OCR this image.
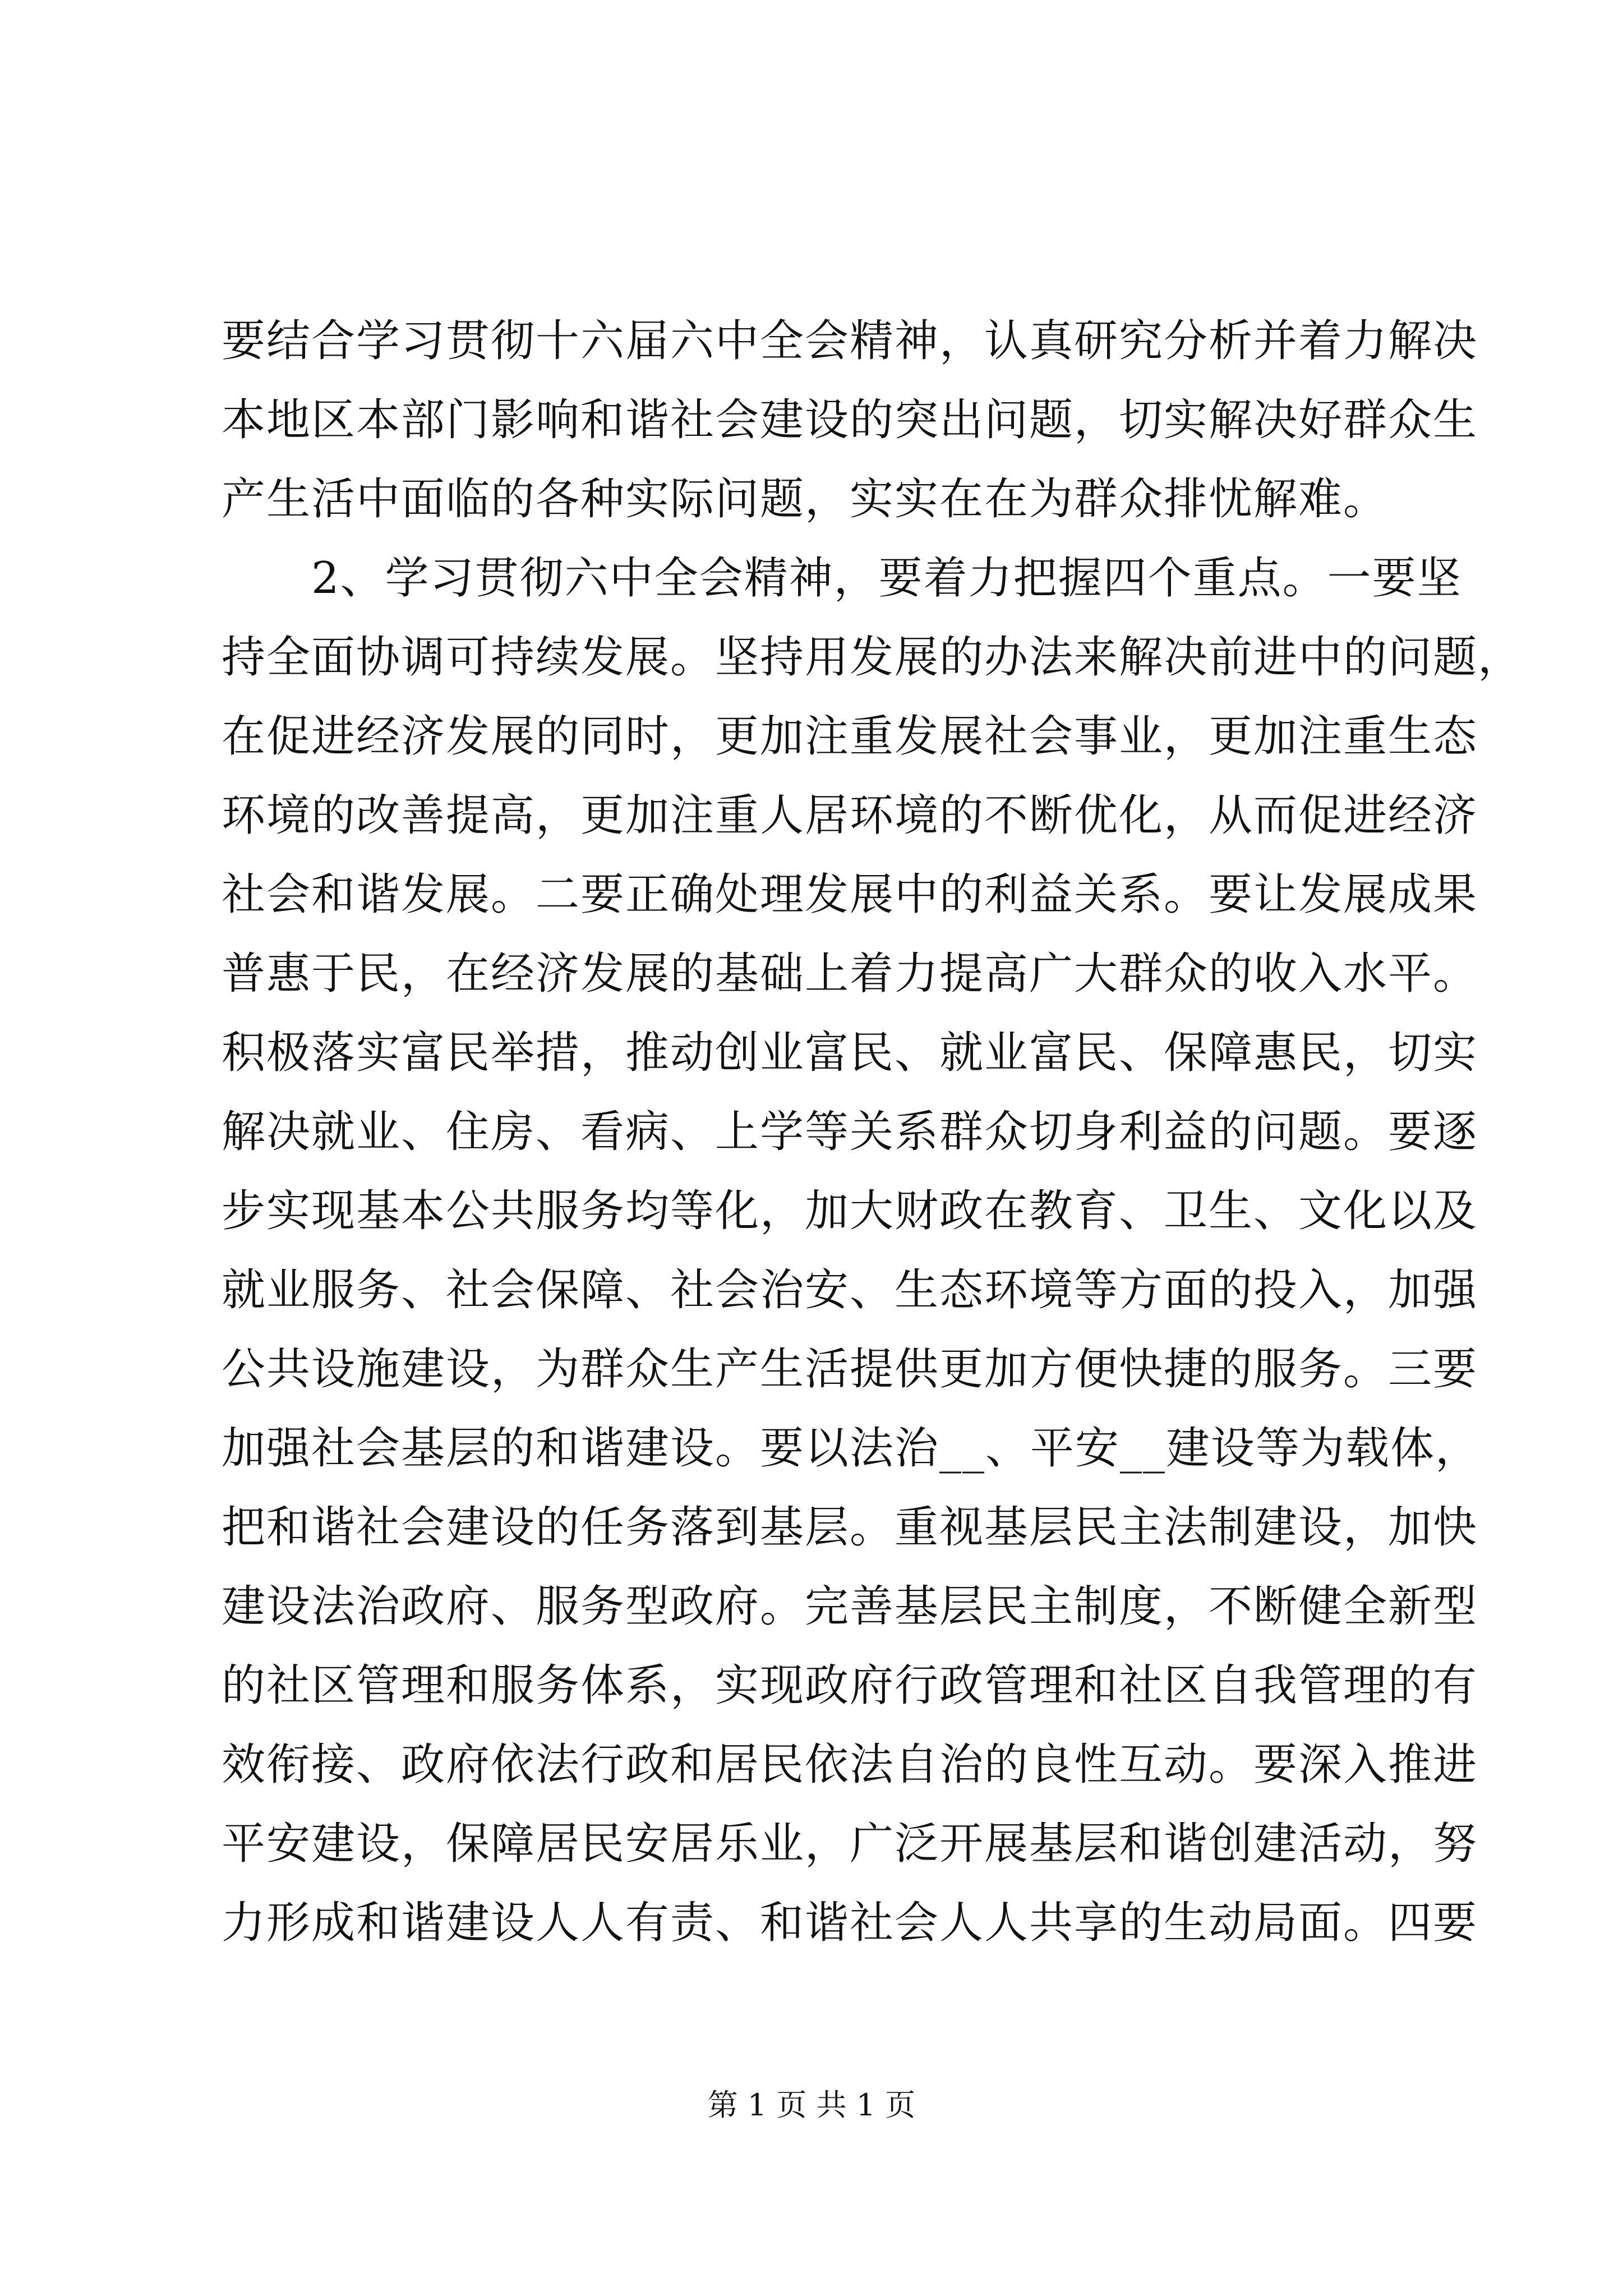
要结合学习贯彻十六届六中全会精神，认真研究分析并着力解决
本地区本部门影响和谐社会建设的突出问题，切实解决好群众生
产生活中面临的各种实际问题，实实在在为群众排忧解难。
　　2、学习贯彻六中全会精神，要着力把握四个重点。一要坚
持全面协调可持续发展。坚持用发展的办法来解决前进中的问题，
在促进经济发展的同时，更加注重发展社会事业，更加注重生态
环境的改善提高，更加注重人居环境的不断优化，从而促进经济
社会和谐发展。二要正确处理发展中的利益关系。要让发展成果
普惠于民，在经济发展的基础上着力提高广大群众的收入水平。
积极落实富民举措，推动创业富民、就业富民、保障惠民，切实
解决就业、住房、看病、上学等关系群众切身利益的问题。要逐
步实现基本公共服务均等化，加大财政在教育、卫生、文化以及
就业服务、社会保障、社会治安、生态环境等方面的投入，加强
公共设施建设，为群众生产生活提供更加方便快捷的服务。三要
加强社会基层的和谐建设。要以法治__、平安__建设等为载体，
把和谐社会建设的任务落到基层。重视基层民主法制建设，加快
建设法治政府、服务型政府。完善基层民主制度，不断健全新型
的社区管理和服务体系，实现政府行政管理和社区自我管理的有
效衔接、政府依法行政和居民依法自治的良性互动。要深入推进
平安建设，保障居民安居乐业，广泛开展基层和谐创建活动，努
力形成和谐建设人人有责、和谐社会人人共享的生动局面。四要
第 1 页 共 1 页
